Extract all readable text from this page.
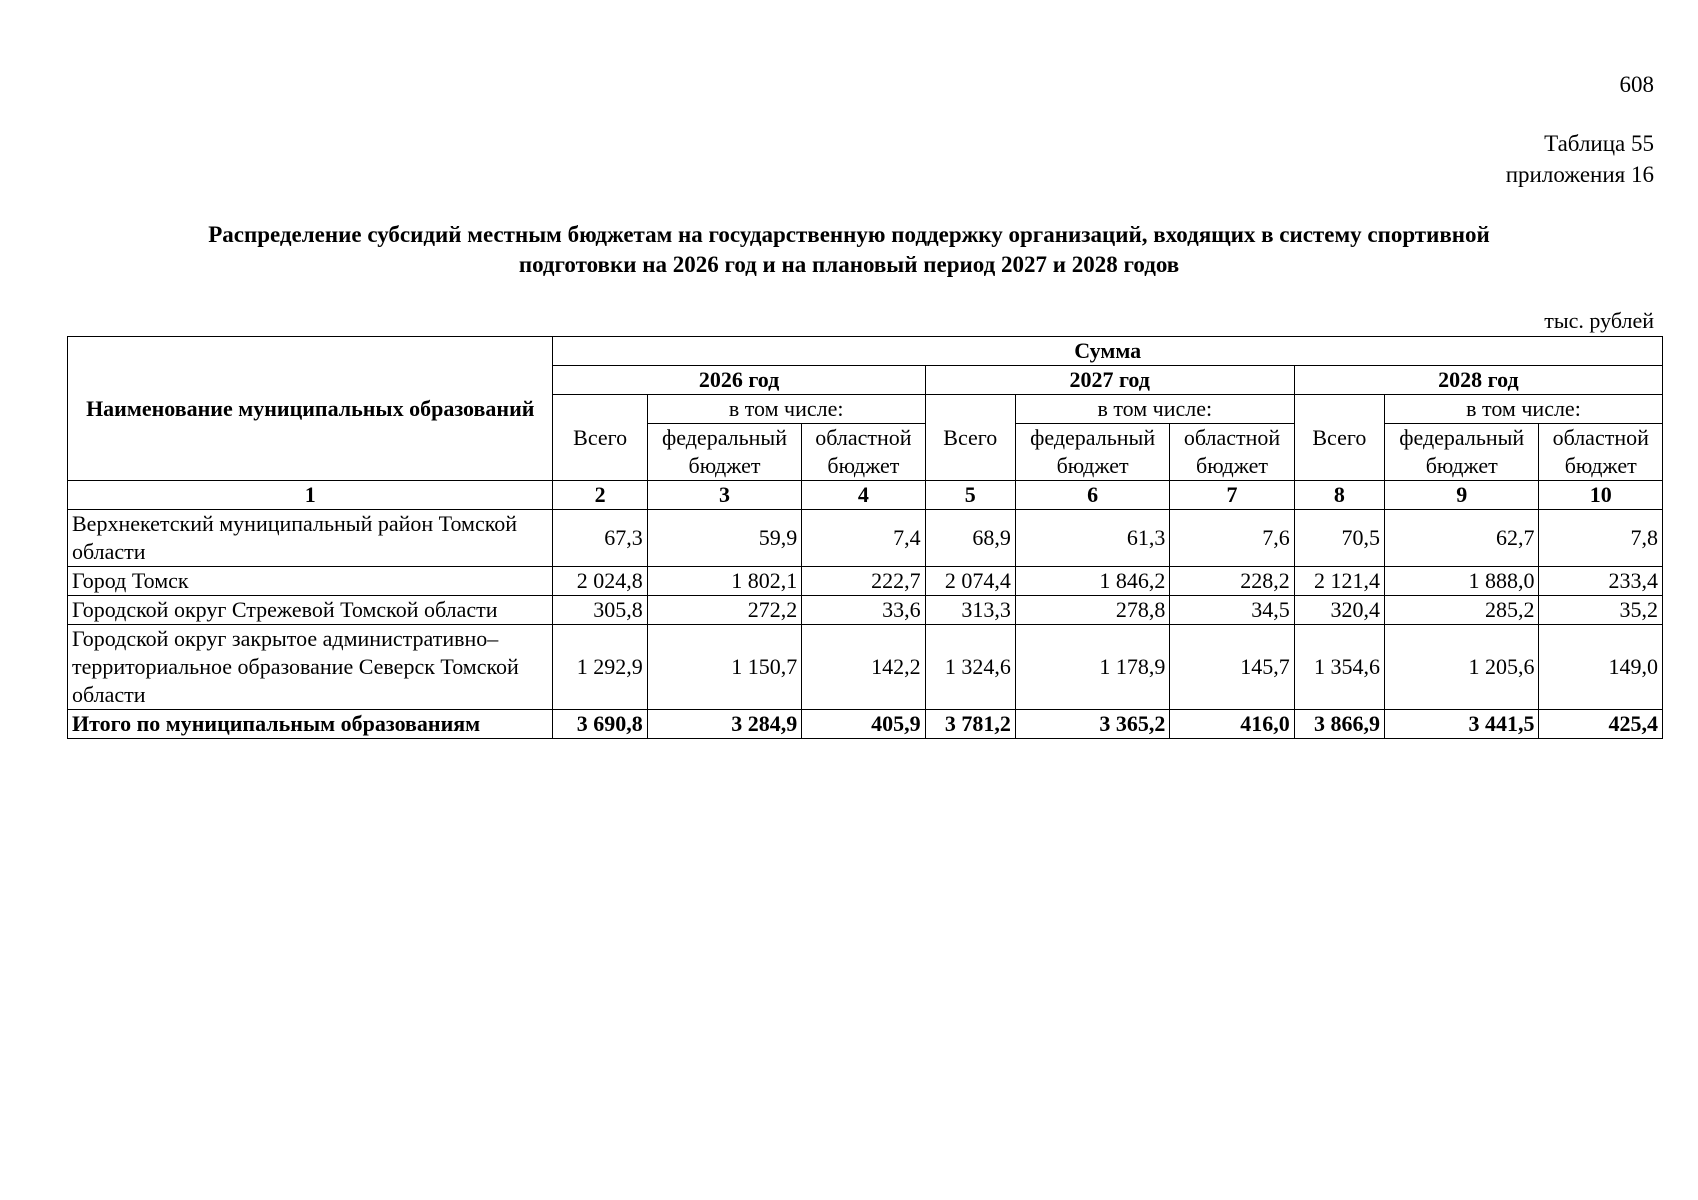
608
Таблица 55
приложения 16
Распределение субсидий местным бюджетам на государственную поддержку организаций, входящих в систему спортивной
подготовки на 2026 год и на плановый период 2027 и 2028 годов
тыс. рублей
Наименование муниципальных образований	Сумма								
	2026 год			2027 год			2028 год		
	Всего	в том числе:		Всего	в том числе:		Всего	в том числе:	
		федеральный бюджет	областной бюджет		федеральный бюджет	областной бюджет		федеральный бюджет	областной бюджет
1	2	3	4	5	6	7	8	9	10
Верхнекетский муниципальный район Томской области	67,3	59,9	7,4	68,9	61,3	7,6	70,5	62,7	7,8
Город Томск	2 024,8	1 802,1	222,7	2 074,4	1 846,2	228,2	2 121,4	1 888,0	233,4
Городской округ Стрежевой Томской области	305,8	272,2	33,6	313,3	278,8	34,5	320,4	285,2	35,2
Городской округ закрытое административно–территориальное образование Северск Томской области	1 292,9	1 150,7	142,2	1 324,6	1 178,9	145,7	1 354,6	1 205,6	149,0
Итого по муниципальным образованиям	3 690,8	3 284,9	405,9	3 781,2	3 365,2	416,0	3 866,9	3 441,5	425,4
